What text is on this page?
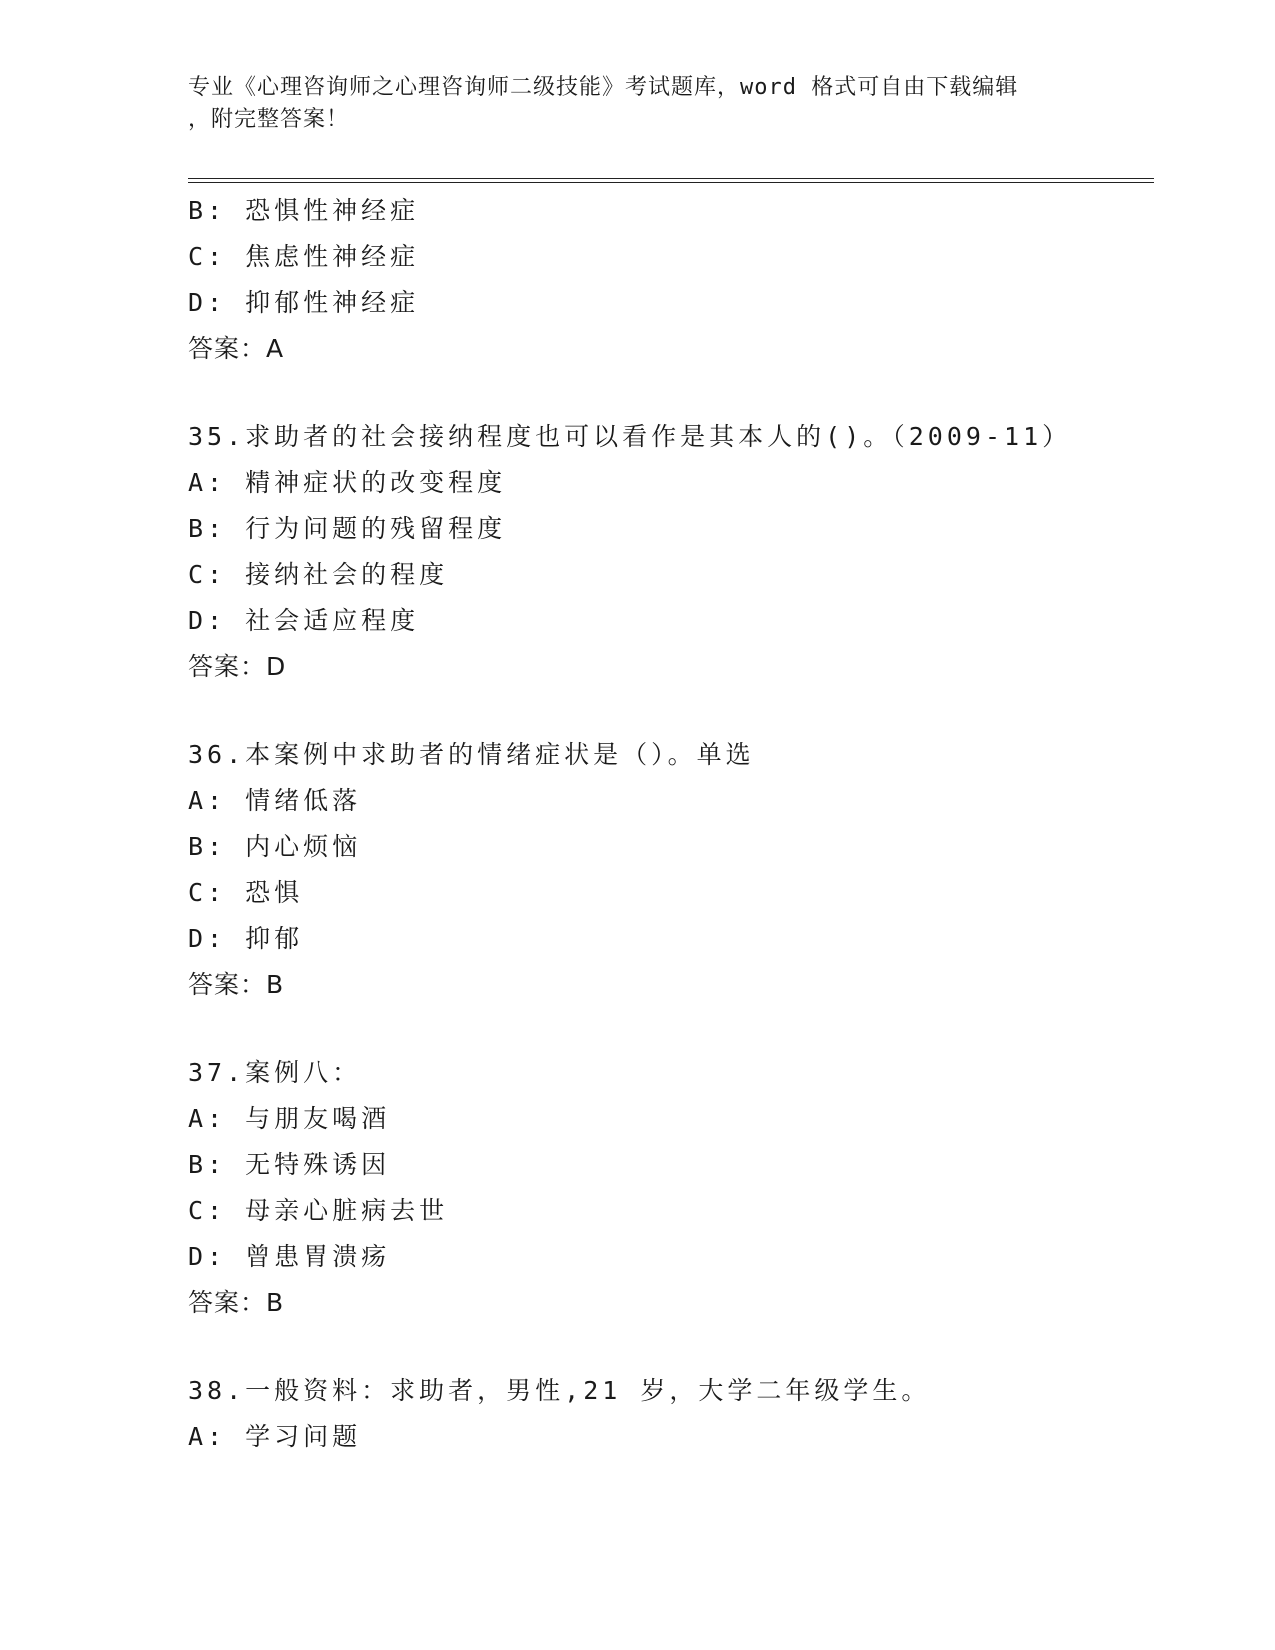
专业《心理咨询师之心理咨询师二级技能》考试题库，word 格式可自由下载编辑
，附完整答案！
B: 恐惧性神经症
C: 焦虑性神经症
D: 抑郁性神经症
答案：A
35.求助者的社会接纳程度也可以看作是其本人的()。（2009-11）
A: 精神症状的改变程度
B: 行为问题的残留程度
C: 接纳社会的程度
D: 社会适应程度
答案：D
36.本案例中求助者的情绪症状是（）。单选
A: 情绪低落
B: 内心烦恼
C: 恐惧
D: 抑郁
答案：B
37.案例八：
A: 与朋友喝酒
B: 无特殊诱因
C: 母亲心脏病去世
D: 曾患胃溃疡
答案：B
38.一般资料：求助者，男性,21 岁，大学二年级学生。
A: 学习问题
